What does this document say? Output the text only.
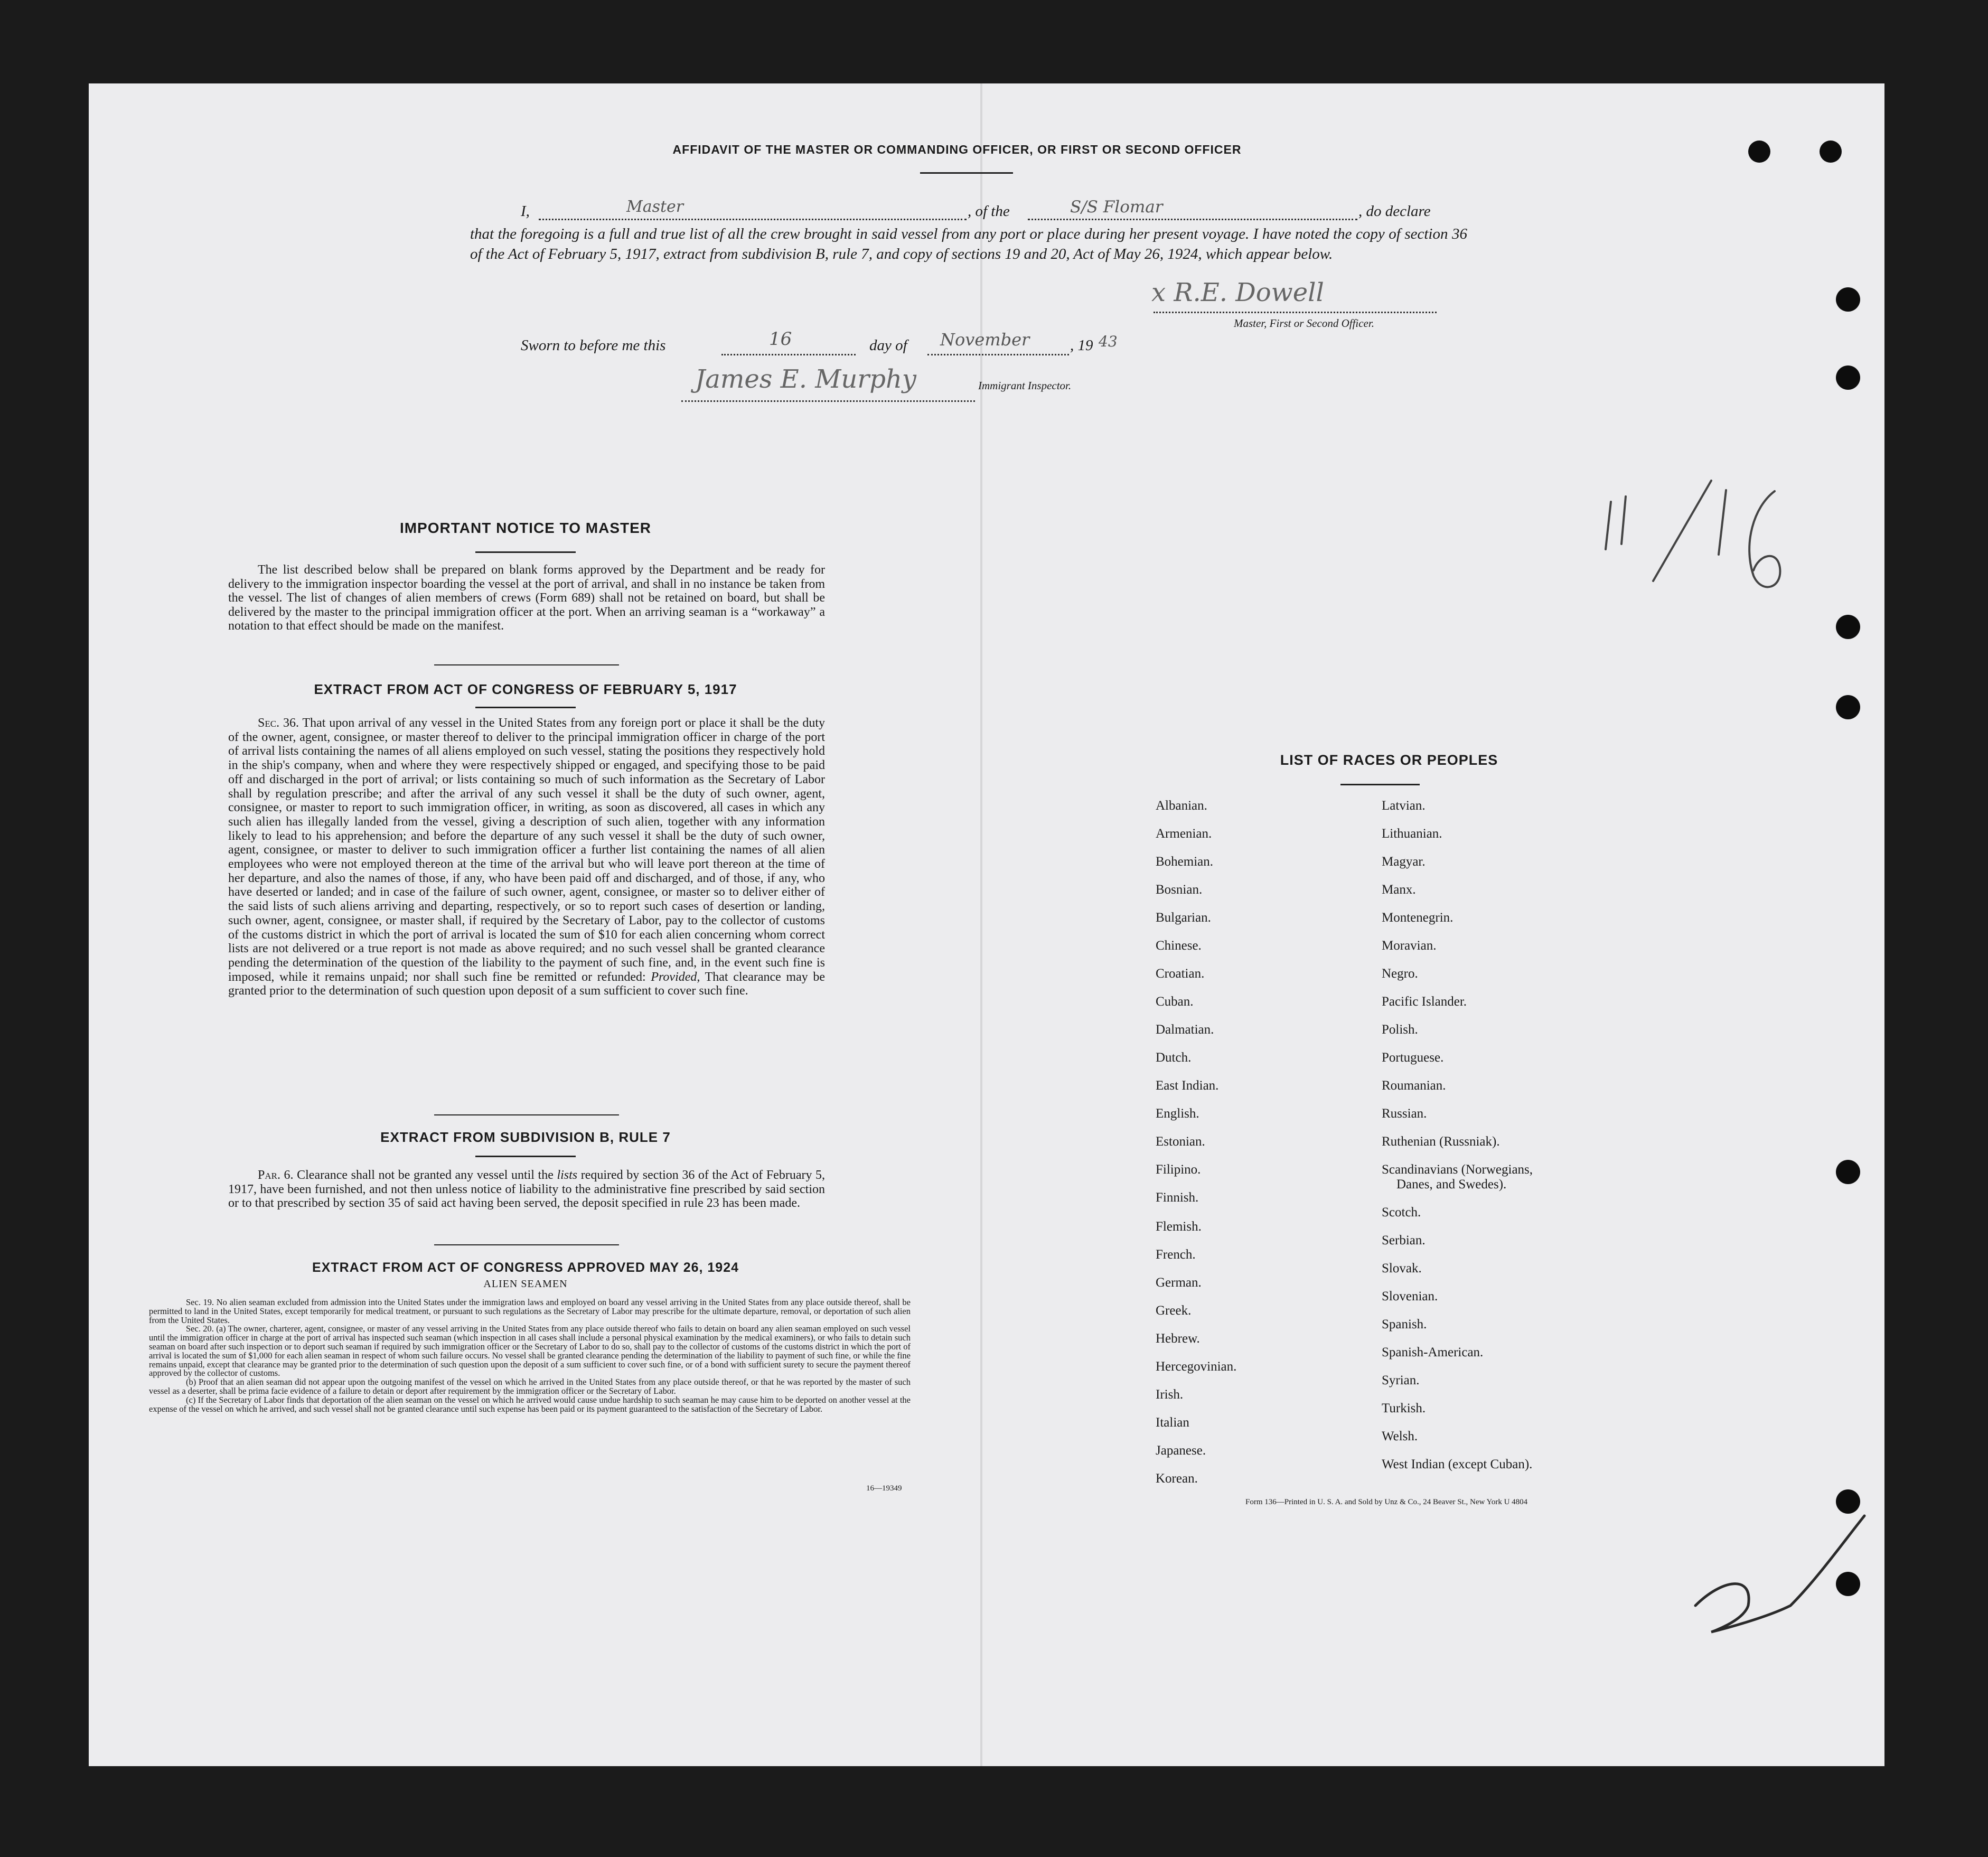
AFFIDAVIT OF THE MASTER OR COMMANDING OFFICER, OR FIRST OR SECOND OFFICER
I,	Master	, of the	S/S Flomar	, do declare
that the foregoing is a full and true list of all the crew brought in said vessel from any port or place during her present voyage. I have noted the copy of section 36 of the Act of February 5, 1917, extract from subdivision B, rule 7, and copy of sections 19 and 20, Act of May 26, 1924, which appear below.
x R.E. Dowell
Master, First or Second Officer.
Sworn to before me this	16	day of November	, 19 43
James E. Murphy	Immigrant Inspector.
IMPORTANT NOTICE TO MASTER
The list described below shall be prepared on blank forms approved by the Department and be ready for delivery to the immigration inspector boarding the vessel at the port of arrival, and shall in no instance be taken from the vessel. The list of changes of alien members of crews (Form 689) shall not be retained on board, but shall be delivered by the master to the principal immigration officer at the port. When an arriving seaman is a “workaway” a notation to that effect should be made on the manifest.
EXTRACT FROM ACT OF CONGRESS OF FEBRUARY 5, 1917
Sec. 36. That upon arrival of any vessel in the United States from any foreign port or place it shall be the duty of the owner, agent, consignee, or master thereof to deliver to the principal immigration officer in charge of the port of arrival lists containing the names of all aliens employed on such vessel, stating the positions they respectively hold in the ship's company, when and where they were respectively shipped or engaged, and specifying those to be paid off and discharged in the port of arrival; or lists containing so much of such information as the Secretary of Labor shall by regulation prescribe; and after the arrival of any such vessel it shall be the duty of such owner, agent, consignee, or master to report to such immigration officer, in writing, as soon as discovered, all cases in which any such alien has illegally landed from the vessel, giving a description of such alien, together with any information likely to lead to his apprehension; and before the departure of any such vessel it shall be the duty of such owner, agent, consignee, or master to deliver to such immigration officer a further list containing the names of all alien employees who were not employed thereon at the time of the arrival but who will leave port thereon at the time of her departure, and also the names of those, if any, who have been paid off and discharged, and of those, if any, who have deserted or landed; and in case of the failure of such owner, agent, consignee, or master so to deliver either of the said lists of such aliens arriving and departing, respectively, or so to report such cases of desertion or landing, such owner, agent, consignee, or master shall, if required by the Secretary of Labor, pay to the collector of customs of the customs district in which the port of arrival is located the sum of $10 for each alien concerning whom correct lists are not delivered or a true report is not made as above required; and no such vessel shall be granted clearance pending the determination of the question of the liability to the payment of such fine, and, in the event such fine is imposed, while it remains unpaid; nor shall such fine be remitted or refunded: Provided, That clearance may be granted prior to the determination of such question upon deposit of a sum sufficient to cover such fine.
EXTRACT FROM SUBDIVISION B, RULE 7
Par. 6. Clearance shall not be granted any vessel until the lists required by section 36 of the Act of February 5, 1917, have been furnished, and not then unless notice of liability to the administrative fine prescribed by said section or to that prescribed by section 35 of said act having been served, the deposit specified in rule 23 has been made.
EXTRACT FROM ACT OF CONGRESS APPROVED MAY 26, 1924
ALIEN SEAMEN
Sec. 19. No alien seaman excluded from admission into the United States under the immigration laws and employed on board any vessel arriving in the United States from any place outside thereof, shall be permitted to land in the United States, except temporarily for medical treatment, or pursuant to such regulations as the Secretary of Labor may prescribe for the ultimate departure, removal, or deportation of such alien from the United States.
Sec. 20. (a) The owner, charterer, agent, consignee, or master of any vessel arriving in the United States from any place outside thereof who fails to detain on board any alien seaman employed on such vessel until the immigration officer in charge at the port of arrival has inspected such seaman (which inspection in all cases shall include a personal physical examination by the medical examiners), or who fails to detain such seaman on board after such inspection or to deport such seaman if required by such immigration officer or the Secretary of Labor to do so, shall pay to the collector of customs of the customs district in which the port of arrival is located the sum of $1,000 for each alien seaman in respect of whom such failure occurs. No vessel shall be granted clearance pending the determination of the liability to payment of such fine, or while the fine remains unpaid, except that clearance may be granted prior to the determination of such question upon the deposit of a sum sufficient to cover such fine, or of a bond with sufficient surety to secure the payment thereof approved by the collector of customs.
(b) Proof that an alien seaman did not appear upon the outgoing manifest of the vessel on which he arrived in the United States from any place outside thereof, or that he was reported by the master of such vessel as a deserter, shall be prima facie evidence of a failure to detain or deport after requirement by the immigration officer or the Secretary of Labor.
(c) If the Secretary of Labor finds that deportation of the alien seaman on the vessel on which he arrived would cause undue hardship to such seaman he may cause him to be deported on another vessel at the expense of the vessel on which he arrived, and such vessel shall not be granted clearance until such expense has been paid or its payment guaranteed to the satisfaction of the Secretary of Labor.
16—19349
LIST OF RACES OR PEOPLES
Albanian.
Armenian.
Bohemian.
Bosnian.
Bulgarian.
Chinese.
Croatian.
Cuban.
Dalmatian.
Dutch.
East Indian.
English.
Estonian.
Filipino.
Finnish.
Flemish.
French.
German.
Greek.
Hebrew.
Hercegovinian.
Irish.
Italian
Japanese.
Korean.
Latvian.
Lithuanian.
Magyar.
Manx.
Montenegrin.
Moravian.
Negro.
Pacific Islander.
Polish.
Portuguese.
Roumanian.
Russian.
Ruthenian (Russniak).
Scandinavians (Norwegians,
Danes, and Swedes).
Scotch.
Serbian.
Slovak.
Slovenian.
Spanish.
Spanish-American.
Syrian.
Turkish.
Welsh.
West Indian (except Cuban).
Form 136—Printed in U. S. A. and Sold by Unz & Co., 24 Beaver St., New York U 4804
